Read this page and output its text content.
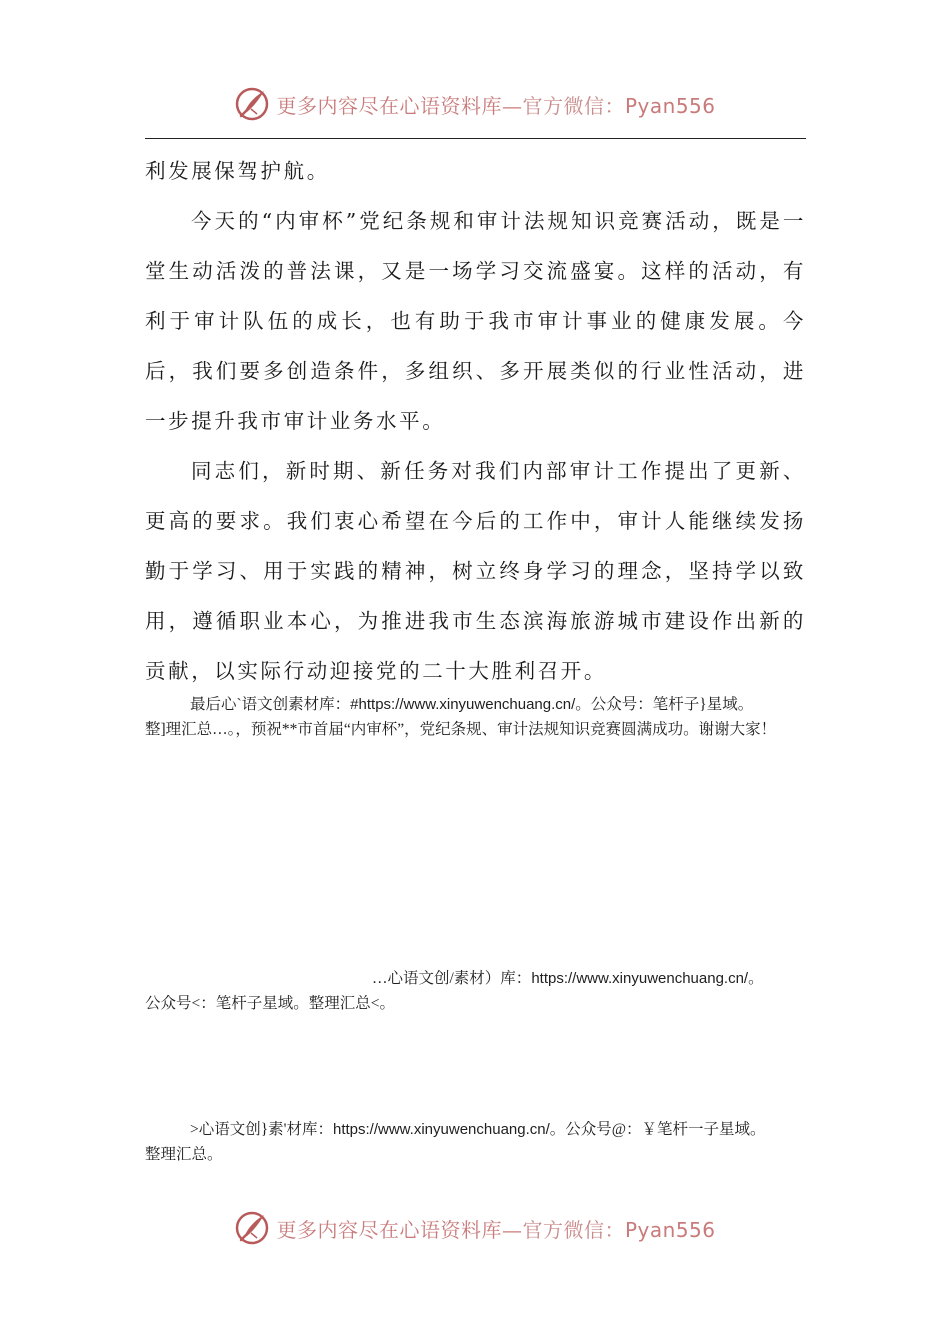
更多内容尽在心语资料库—官方微信：Pyan556

利发展保驾护航。

今天的“内审杯”党纪条规和审计法规知识竞赛活动，既是一堂生动活泼的普法课，又是一场学习交流盛宴。这样的活动，有利于审计队伍的成长，也有助于我市审计事业的健康发展。今后，我们要多创造条件，多组织、多开展类似的行业性活动，进一步提升我市审计业务水平。

同志们，新时期、新任务对我们内部审计工作提出了更新、更高的要求。我们衷心希望在今后的工作中，审计人能继续发扬勤于学习、用于实践的精神，树立终身学习的理念，坚持学以致用，遵循职业本心，为推进我市生态滨海旅游城市建设作出新的贡献，以实际行动迎接党的二十大胜利召开。

最后心`语文创素材库：#https://www.xinyuwenchuang.cn/。公众号：笔杆子}星域。

整]理汇总…。，预祝**市首届“内审杯”，党纪条规、审计法规知识竞赛圆满成功。谢谢大家！

…心语文创/素材）库：https://www.xinyuwenchuang.cn/。

公众号<：笔杆子星域。整理汇总<。

>心语文创}素'材库：https://www.xinyuwenchuang.cn/。公众号@：￥笔杆一子星域。

整理汇总。

更多内容尽在心语资料库—官方微信：Pyan556
